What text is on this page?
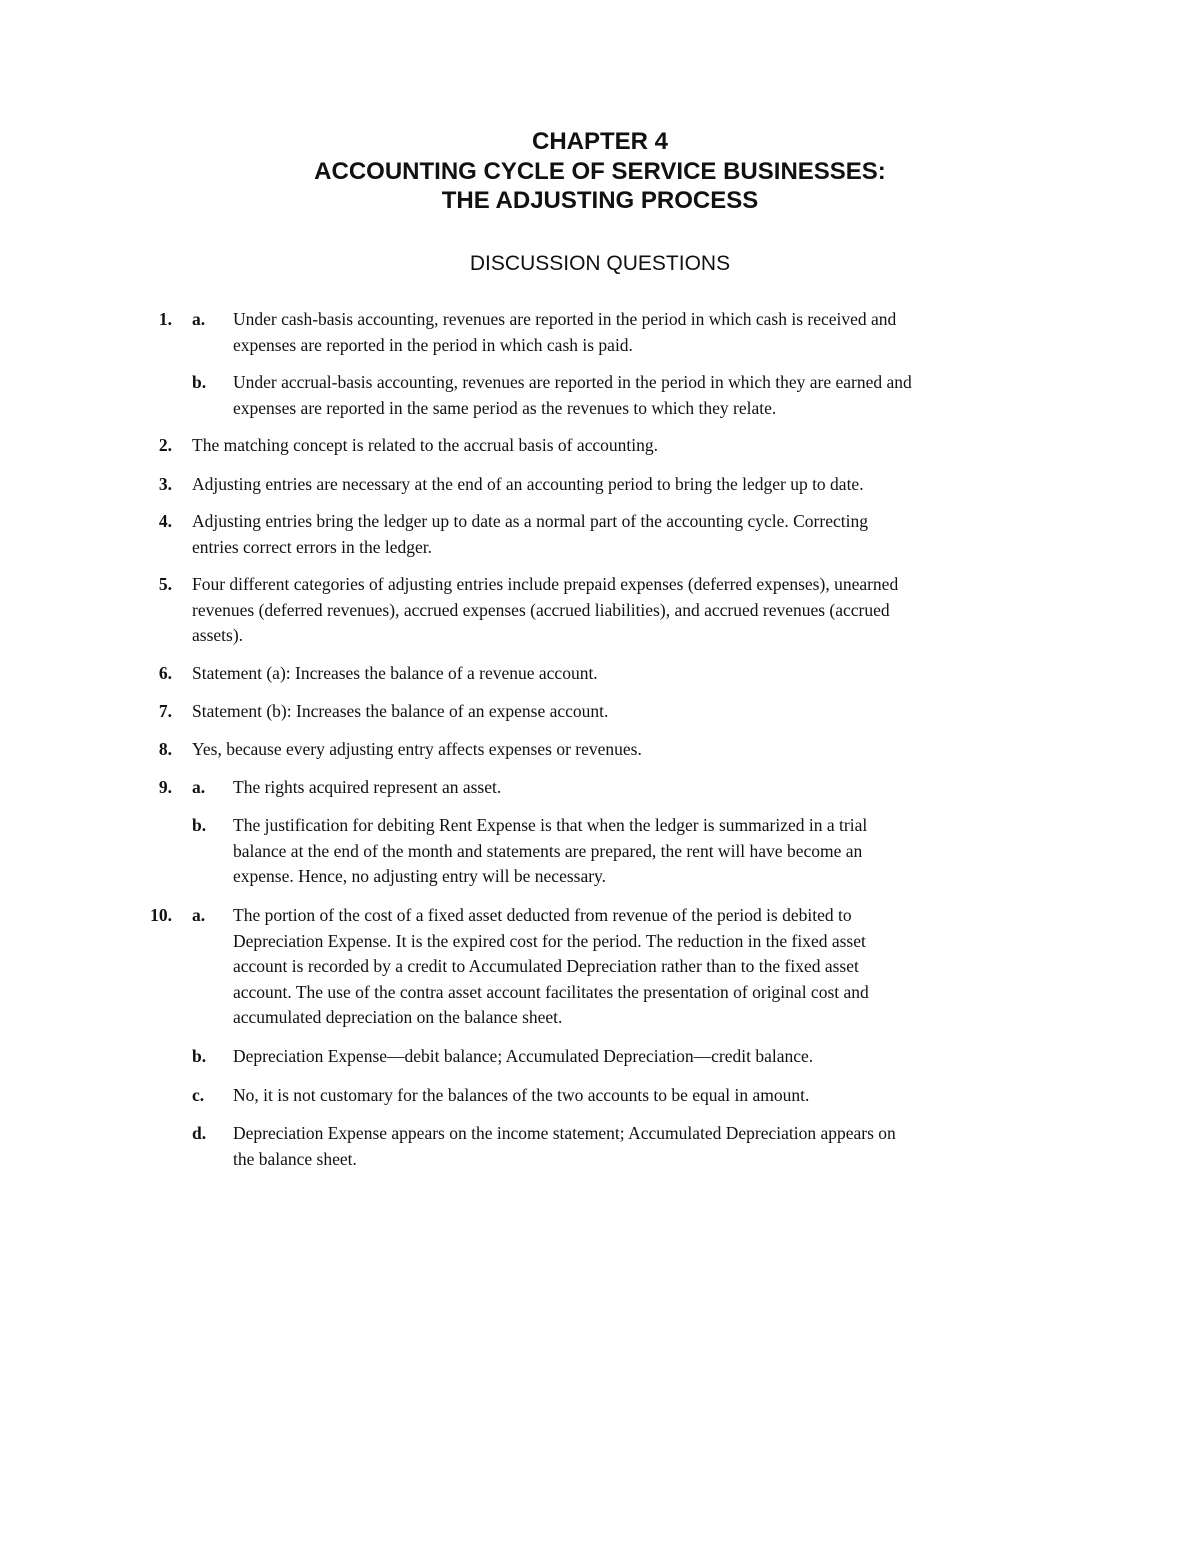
CHAPTER 4
ACCOUNTING CYCLE OF SERVICE BUSINESSES:
THE ADJUSTING PROCESS
DISCUSSION QUESTIONS
1. a. Under cash-basis accounting, revenues are reported in the period in which cash is received and
expenses are reported in the period in which cash is paid.
b. Under accrual-basis accounting, revenues are reported in the period in which they are earned and
expenses are reported in the same period as the revenues to which they relate.
2. The matching concept is related to the accrual basis of accounting.
3. Adjusting entries are necessary at the end of an accounting period to bring the ledger up to date.
4. Adjusting entries bring the ledger up to date as a normal part of the accounting cycle. Correcting
entries correct errors in the ledger.
5. Four different categories of adjusting entries include prepaid expenses (deferred expenses), unearned
revenues (deferred revenues), accrued expenses (accrued liabilities), and accrued revenues (accrued
assets).
6. Statement (a): Increases the balance of a revenue account.
7. Statement (b): Increases the balance of an expense account.
8. Yes, because every adjusting entry affects expenses or revenues.
9. a. The rights acquired represent an asset.
b. The justification for debiting Rent Expense is that when the ledger is summarized in a trial
balance at the end of the month and statements are prepared, the rent will have become an
expense. Hence, no adjusting entry will be necessary.
10. a. The portion of the cost of a fixed asset deducted from revenue of the period is debited to
Depreciation Expense. It is the expired cost for the period. The reduction in the fixed asset
account is recorded by a credit to Accumulated Depreciation rather than to the fixed asset
account. The use of the contra asset account facilitates the presentation of original cost and
accumulated depreciation on the balance sheet.
b. Depreciation Expense—debit balance; Accumulated Depreciation—credit balance.
c. No, it is not customary for the balances of the two accounts to be equal in amount.
d. Depreciation Expense appears on the income statement; Accumulated Depreciation appears on
the balance sheet.
